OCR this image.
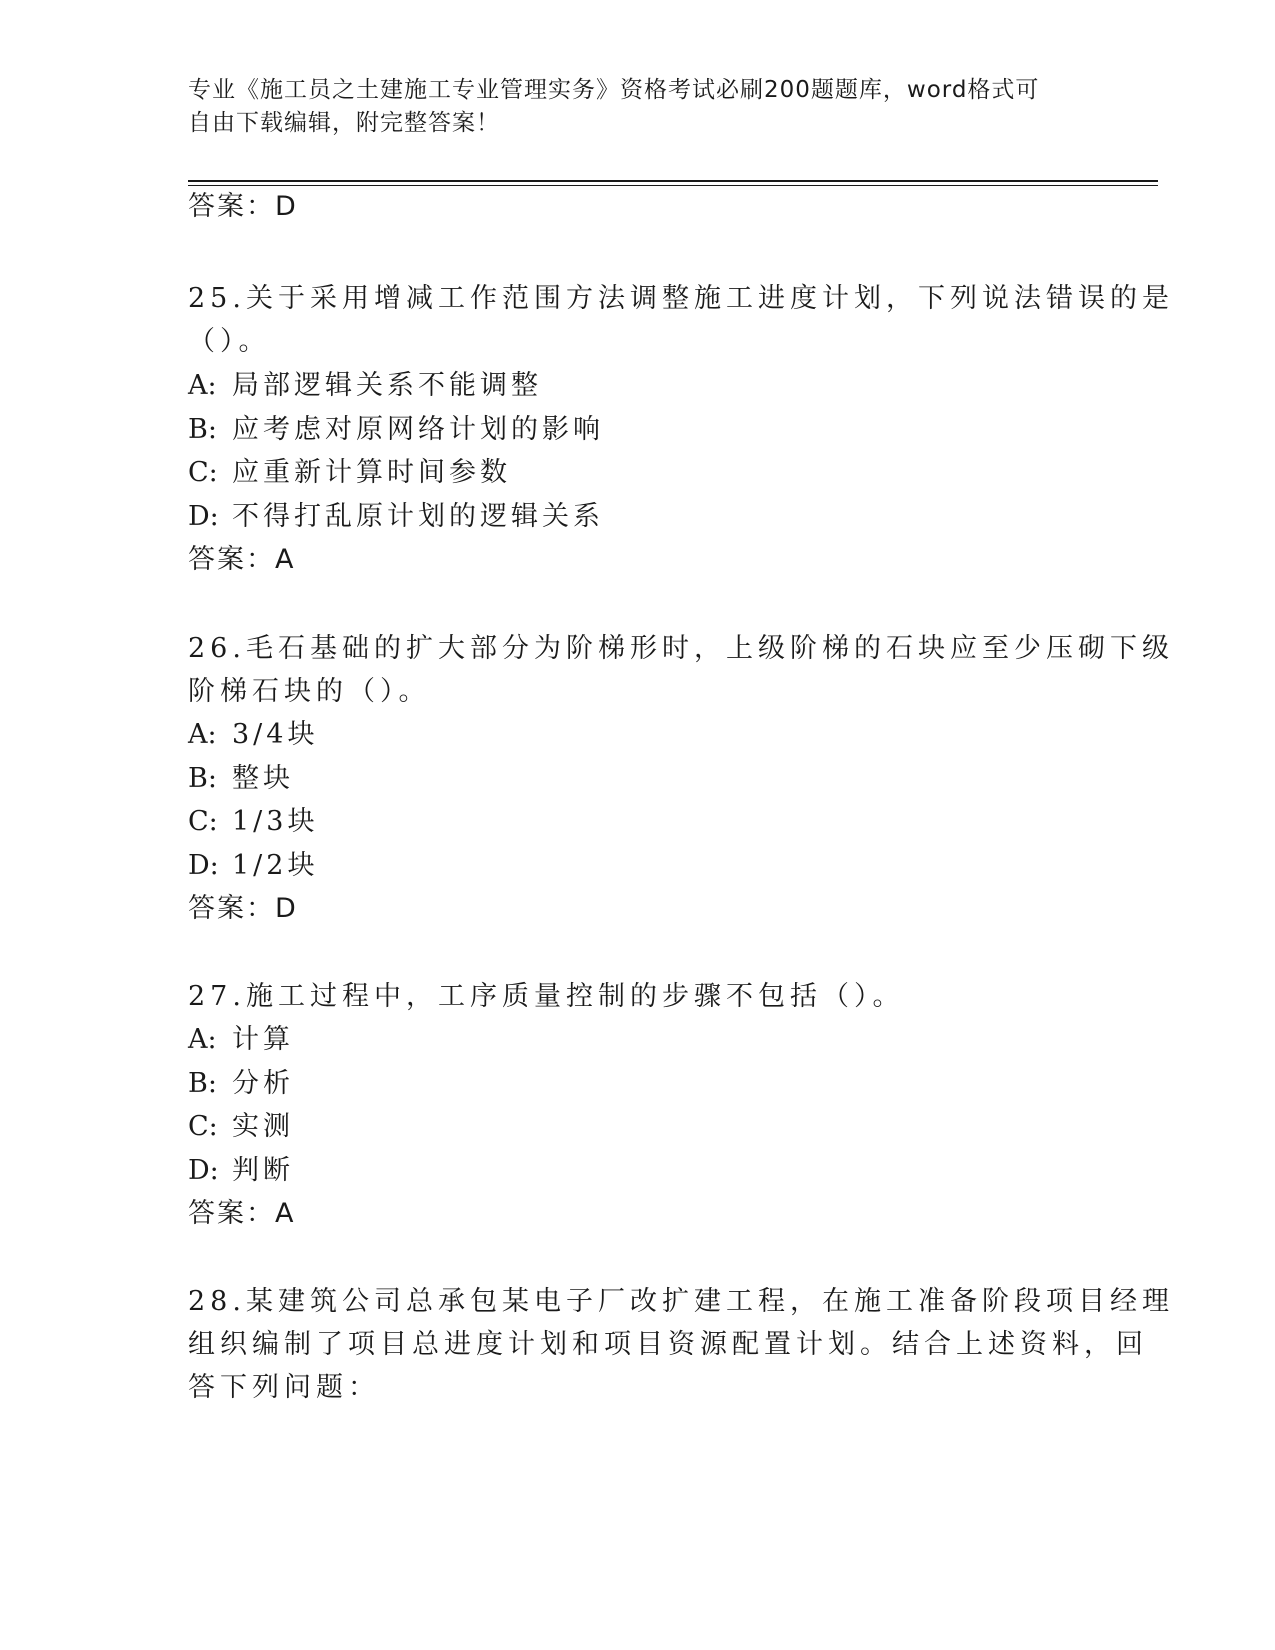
专业《施工员之土建施工专业管理实务》资格考试必刷200题题库，word格式可
自由下载编辑，附完整答案！
答案：D
25.关于采用增减工作范围方法调整施工进度计划，下列说法错误的是
（）。
A: 局部逻辑关系不能调整
B: 应考虑对原网络计划的影响
C: 应重新计算时间参数
D: 不得打乱原计划的逻辑关系
答案：A
26.毛石基础的扩大部分为阶梯形时，上级阶梯的石块应至少压砌下级
阶梯石块的（）。
A: 3/4块
B: 整块
C: 1/3块
D: 1/2块
答案：D
27.施工过程中，工序质量控制的步骤不包括（）。
A: 计算
B: 分析
C: 实测
D: 判断
答案：A
28.某建筑公司总承包某电子厂改扩建工程，在施工准备阶段项目经理
组织编制了项目总进度计划和项目资源配置计划。结合上述资料，回
答下列问题：
